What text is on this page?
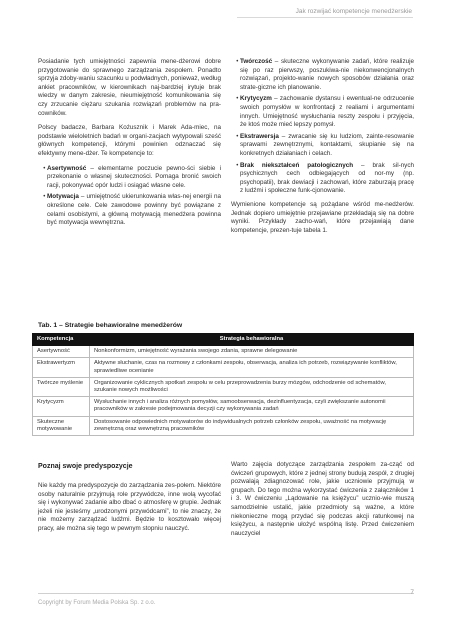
Jak rozwijać kompetencje menedżerskie

Posiadanie tych umiejętności zapewnia mene-dżerowi dobre przygotowanie do sprawnego zarządzania zespołem. Ponadto sprzyja zdoby-waniu szacunku u podwładnych, ponieważ, według ankiet pracowników, w kierownikach naj-bardziej irytuje brak wiedzy w danym zakresie, nieumiejętność komunikowania się czy zrzucanie ciężaru szukania rozwiązań problemów na pra-cowników.

Polscy badacze, Barbara Kożusznik i Marek Ada-miec, na podstawie wieloletnich badań w organi-zacjach wytypowali sześć głównych kompetencji, którymi powinien odznaczać się efektywny mene-dżer. Te kompetencje to:

• Asertywność – elementarne poczucie pewno-ści siebie i przekonanie o własnej skuteczności. Pomaga bronić swoich racji, pokonywać opór ludzi i osiągać własne cele.
• Motywacja – umiejętność ukierunkowania włas-nej energii na określone cele. Cele zawodowe powinny być powiązane z celami osobistymi, a główną motywacją menedżera powinna być motywacja wewnętrzna.
• Twórczość – skuteczne wykonywanie zadań, które realizuje się po raz pierwszy, poszukiwa-nie niekonwencjonalnych rozwiązań, projekto-wanie nowych sposobów działania oraz strate-giczne ich planowanie.
• Krytycyzm – zachowanie dystansu i ewentual-ne odrzucenie swoich pomysłów w konfrontacji z realiami i argumentami innych. Umiejętność wysłuchania reszty zespołu i przyjęcia, że ktoś może mieć lepszy pomysł.
• Ekstrawersja – zwracanie się ku ludziom, zainte-resowanie sprawami zewnętrznymi, kontaktami, skupianie się na konkretnych działaniach i celach.
• Brak niekształceń patologicznych – brak sil-nych psychicznych cech odbiegających od nor-my (np. psychopatii), brak dewiacji i zachowań, które zaburzają pracę z ludźmi i społeczne funk-cjonowanie.

Wymienione kompetencje są pożądane wśród me-nedżerów. Jednak dopiero umiejętnie przejawiane przekładają się na dobre wyniki. Przykłady zacho-wań, które przejawiają dane kompetencje, prezen-tuje tabela 1.

Tab. 1 – Strategie behawioralne menedżerów
Kompetencja	Strategia behawioralna
Asertywność	Nonkonformizm, umiejętność wyrażania swojego zdania, sprawne delegowanie
Ekstrawertyzm	Aktywne słuchanie, czas na rozmowy z członkami zespołu, obserwacja, analiza ich potrzeb, rozwiązywanie konfliktów, sprawiedliwe ocenianie
Twórcze myślenie	Organizowanie cyklicznych spotkań zespołu w celu przeprowadzenia burzy mózgów, odchodzenie od schematów, szukanie nowych możliwości
Krytycyzm	Wysłuchanie innych i analiza różnych pomysłów, samoobserwacja, dezinfluentyzacja, czyli zwiększanie autonomii pracowników w zakresie podejmowania decyzji czy wykonywania zadań
Skuteczne motywowanie	Dostosowanie odpowiednich motywatorów do indywidualnych potrzeb członków zespołu, uważność na motywację zewnętrzną oraz wewnętrzną pracowników
Poznaj swoje predyspozycje

Nie każdy ma predyspozycje do zarządzania zes-połem. Niektóre osoby naturalnie przyjmują role przywódcze, inne wolą wycofać się i wykonywać zadanie albo dbać o atmosferę w grupie. Jednak jeżeli nie jesteśmy „urodzonymi przywódcami”, to nie znaczy, że nie możemy zarządzać ludźmi. Będzie to kosztowało więcej pracy, ale można się tego w pewnym stopniu nauczyć.

Warto zajęcia dotyczące zarządzania zespołem za-cząć od ćwiczeń grupowych, które z jednej strony budują zespół, z drugiej pozwalają zdiagnozować role, jakie uczniowie przyjmują w grupach. Do tego można wykorzystać ćwiczenia z załączników 1 i 3. W ćwiczeniu „Lądowanie na księżycu” ucznio-wie muszą samodzielnie ustalić, jakie przedmioty są ważne, a które niekonieczne mogą przydać się podczas akcji ratunkowej na księżycu, a następnie ułożyć wspólną listę. Przed ćwiczeniem nauczyciel

Copyright by Forum Media Polska Sp. z o.o.
7
